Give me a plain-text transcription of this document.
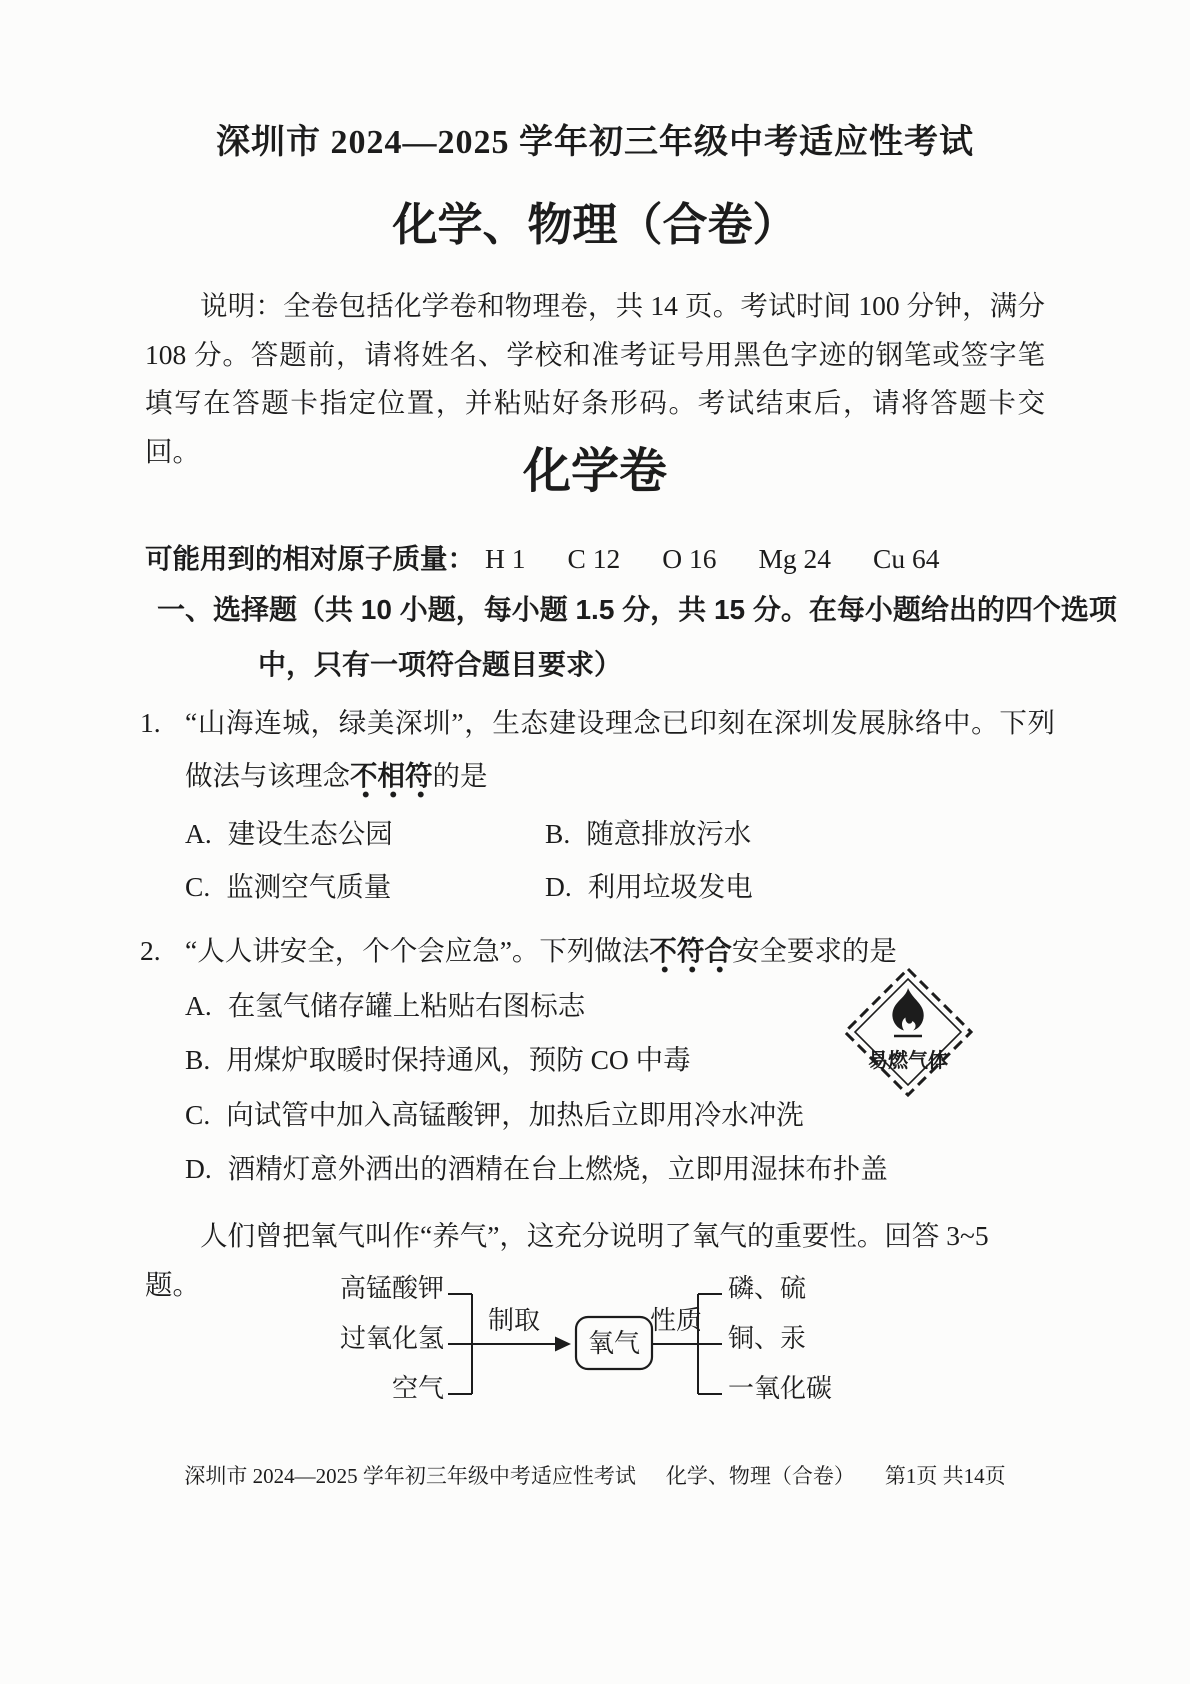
深圳市 2024—2025 学年初三年级中考适应性考试
化学、物理（合卷）

说明：全卷包括化学卷和物理卷，共 14 页。考试时间 100 分钟，满分 108 分。答题前，请将姓名、学校和准考证号用黑色字迹的钢笔或签字笔填写在答题卡指定位置，并粘贴好条形码。考试结束后，请将答题卡交回。	化学卷
可能用到的相对原子质量： H 1 C 12 O 16 Mg 24 Cu 64
一、选择题（共 10 小题，每小题 1.5 分，共 15 分。在每小题给出的四个选项
中，只有一项符合题目要求）
1. “山海连城，绿美深圳”，生态建设理念已印刻在深圳发展脉络中。下列做法与该理念不相符的是
A. 建设生态公园	B. 随意排放污水
C. 监测空气质量	D. 利用垃圾发电
2. “人人讲安全，个个会应急”。下列做法不符合安全要求的是
A. 在氢气储存罐上粘贴右图标志
B. 用煤炉取暖时保持通风，预防 CO 中毒
C. 向试管中加入高锰酸钾，加热后立即用冷水冲洗
D. 酒精灯意外洒出的酒精在台上燃烧，立即用湿抹布扑盖
易燃气体

人们曾把氧气叫作“养气”，这充分说明了氧气的重要性。回答 3~5 题。	高锰酸钾
过氧化氢
空气
制取
氧气
性质
磷、硫
铜、汞
一氧化碳
深圳市 2024—2025 学年初三年级中考适应性考试 化学、物理（合卷） 第1页 共14页
